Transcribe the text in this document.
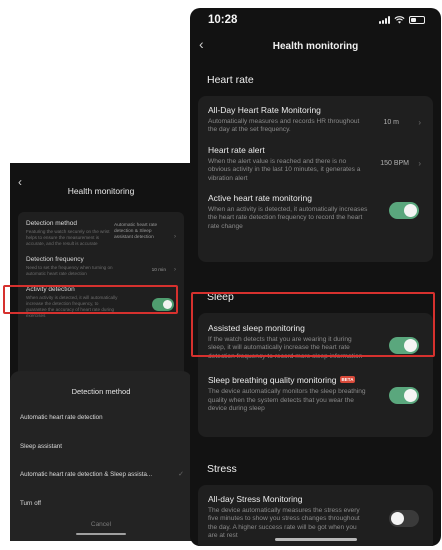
‹
Health monitoring
Detection method
Featuring the watch securely on the wrist helps to ensure the measurement is accurate, and the result is accurate
Automatic heart rate detection & Sleep assistant detection	›
Detection frequency
Need to set the frequency when turning on automatic heart rate detection
10 min ›
Activity detection
When activity is detected, it will automatically increase the detection frequency, to guarantee the accuracy of heart rate during exercises
Detection method
Automatic heart rate detection
Sleep assistant
Automatic heart rate detection & Sleep assista...	✓
Turn off
Cancel
10:28
‹	Health monitoring
Heart rate
All-Day Heart Rate Monitoring
Automatically measures and records HR throughout the day at the set frequency.
10 m ›
Heart rate alert
When the alert value is reached and there is no obvious activity in the last 10 minutes, it generates a vibration alert
150 BPM ›
Active heart rate monitoring
When an activity is detected, it automatically increases the heart rate detection frequency to record the heart rate change
Sleep
Assisted sleep monitoring
If the watch detects that you are wearing it during sleep, it will automatically increase the heart rate detection frequency to record more sleep information
Sleep breathing quality monitoring BETA
The device automatically monitors the sleep breathing quality when the system detects that you wear the device during sleep
Stress
All-day Stress Monitoring
The device automatically measures the stress every five minutes to show you stress changes throughout the day. A higher success rate will be got when you are at rest
